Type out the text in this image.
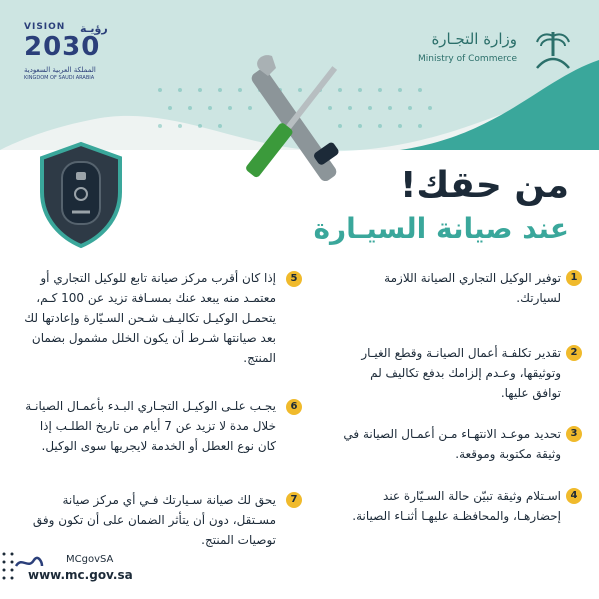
VISION رؤيـة
2030
المملكة العربية السعودية
KINGDOM OF SAUDI ARABIA
وزارة التجـارة
Ministry of Commerce
من حقك!
عند صيانة السيـارة
توفير الوكيل التجاري الصيانة اللازمة لسيارتك.
1
تقدير تكلفـة أعمال الصيانـة وقطع الغيـار وتوثيقها، وعـدم إلزامك بدفع تكاليف لم توافق عليها.
2
تحديد موعـد الانتهـاء مـن أعمـال الصيانة في وثيقة مكتوبة وموقعة.
3
اسـتلام وثيقة تبيّن حالة السـيّارة عند إحضارهـا، والمحافظـة عليهـا أثنـاء الصيانة.
4
إذا كان أقرب مركز صيانة تابع للوكيل التجاري أو معتمـد منه يبعد عنك بمسـافة تزيد عن 100 كـم، يتحمـل الوكيـل تكاليـف شـحن السـيّارة وإعادتها لك بعد صيانتها شـرط أن يكون الخلل مشمول بضمان المنتج.
5
يجـب علـى الوكيـل التجـاري البـدء بأعمـال الصيانـة خلال مدة لا تزيد عن 7 أيام من تاريخ الطلـب إذا كان نوع العطل أو الخدمة لايجريها سوى الوكيل.
6
يحق لك صيانة سـيارتك فـي أي مركز صيانة مسـتقل، دون أن يتأثر الضمان على أن تكون وفق توصيات المنتج.
7
MCgovSA
www.mc.gov.sa
